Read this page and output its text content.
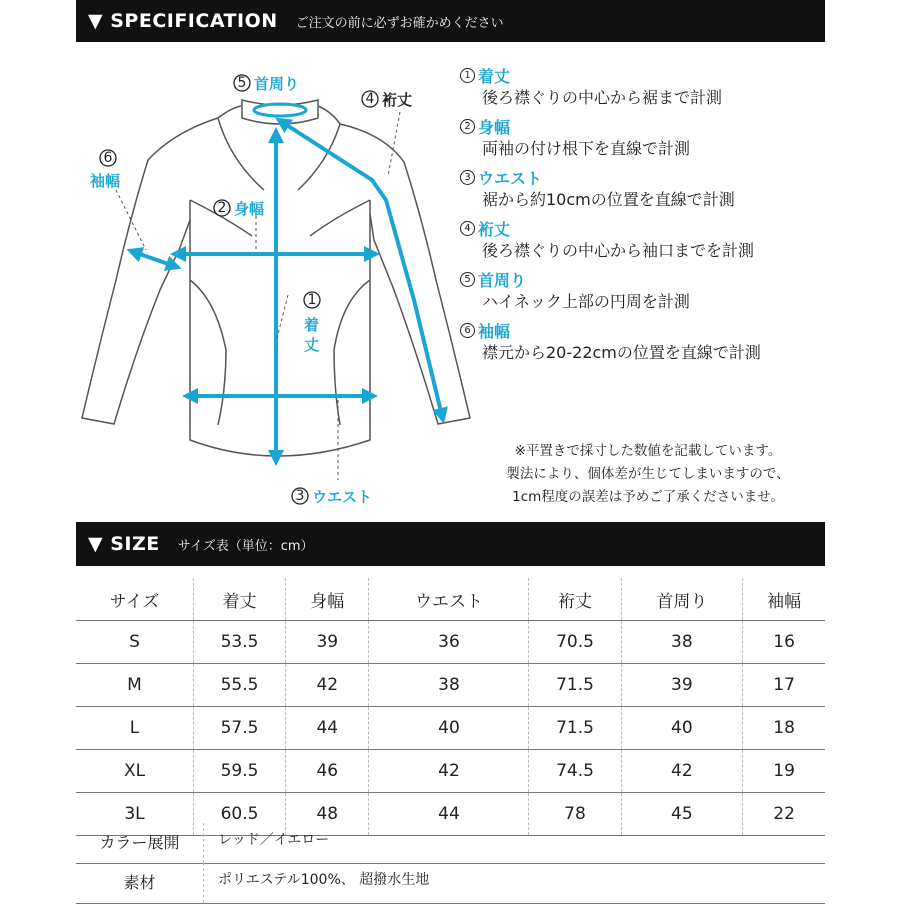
▼ SPECIFICATION ご注文の前に必ずお確かめください
5 首周り
4 裄丈
6
袖幅
2 身幅
1
着
丈
3 ウエスト
1 着丈
後ろ襟ぐりの中心から裾まで計測
2 身幅
両袖の付け根下を直線で計測
3 ウエスト
裾から約10cmの位置を直線で計測
4 裄丈
後ろ襟ぐりの中心から袖口までを計測
5 首周り
ハイネック上部の円周を計測
6 袖幅
襟元から20-22cmの位置を直線で計測
※平置きで採寸した数値を記載しています。
製法により、個体差が生じてしまいますので、
1cm程度の誤差は予めご了承くださいませ。
▼ SIZE サイズ表（単位：cm）
サイズ	着丈	身幅	ウエスト	裄丈	首周り	袖幅
S	53.5	39	36	70.5	38	16
M	55.5	42	38	71.5	39	17
L	57.5	44	40	71.5	40	18
XL	59.5	46	42	74.5	42	19
3L	60.5	48	44	78	45	22
カラー展開	レッド／イエロー
素材	ポリエステル100%、 超撥水生地
